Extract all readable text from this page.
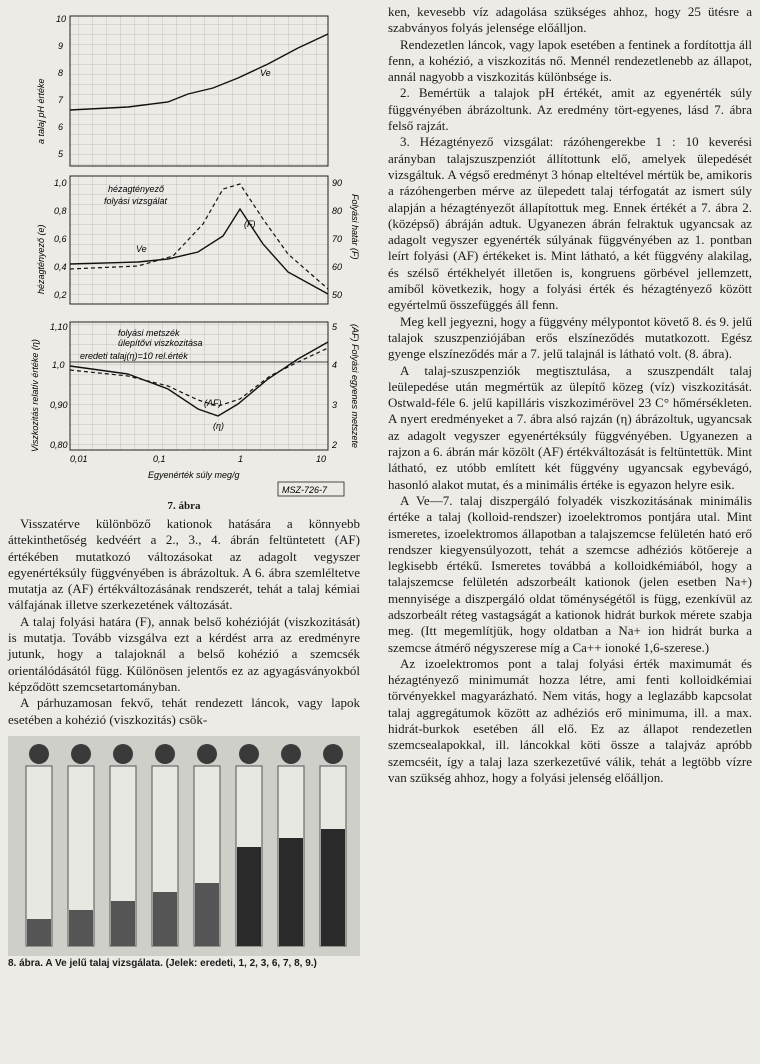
Ve
10
9
8
7
6
5
a talaj pH értéke
hézagtényező
folyási vizsgálat
(F)
Ve
1,0
0,8
0,6
0,4
0,2
90
80
70
60
50
hézagtényező (e)	Folyási határ (F)
folyási metszék
ülepítővi viszkozitása
eredeti talaj(η)=10 rel.érték
(η)
(AF)
1,10
1,0
0,90
0,80
5
4
3
2
Viszkozitás relatív értéke (η)	(AF) Folyási egyenes metszete
0,01	0,1	1	10
Egyenérték súly meg/g
MSZ-726-7
7. ábra

Visszatérve különböző kationok hatására a könnyebb áttekinthetőség kedvéért a 2., 3., 4. ábrán feltüntetett (AF) értékében mutatkozó változásokat az adagolt vegyszer egyenértéksúly függvényében is ábrázoltuk. A 6. ábra szemléltetve mutatja az (AF) értékváltozásának rendszerét, tehát a talaj kémiai válfajának illetve szerkezetének változását.

A talaj folyási határa (F), annak belső kohézióját (viszkozitását) is mutatja. Tovább vizsgálva ezt a kérdést arra az eredményre jutunk, hogy a talajoknál a belső kohézió a szemcsék orientálódásától függ. Különösen jelentős ez az agyagásványokból képződött szemcsetartományban.

A párhuzamosan fekvő, tehát rendezett láncok, vagy lapok esetében a kohézió (viszkozitás) csök-

8. ábra. A Ve jelű talaj vizsgálata. (Jelek: eredeti, 1, 2, 3, 6, 7, 8, 9.)

ken, kevesebb víz adagolása szükséges ahhoz, hogy 25 ütésre a szabványos folyás jelensége előálljon.

Rendezetlen láncok, vagy lapok esetében a fentinek a fordítottja áll fenn, a kohézió, a viszkozitás nő. Mennél rendezetlenebb az állapot, annál nagyobb a viszkozitás különbsége is.

2. Bemértük a talajok pH értékét, amit az egyenérték súly függvényében ábrázoltunk. Az eredmény tört-egyenes, lásd 7. ábra felső rajzát.

3. Hézagtényező vizsgálat: rázóhengerekbe 1 : 10 keverési arányban talajszuszpenziót állítottunk elő, amelyek ülepedését vizsgáltuk. A végső eredményt 3 hónap elteltével mértük be, amikoris a rázóhengerben mérve az ülepedett talaj térfogatát az ismert súly alapján a hézagtényezőt állapítottuk meg. Ennek értékét a 7. ábra 2. (középső) ábráján adtuk. Ugyanezen ábrán felraktuk ugyancsak az adagolt vegyszer egyenérték súlyának függvényében az 1. pontban leírt folyási (AF) értékeket is. Mint látható, a két függvény alakilag, és szélső értékhelyét illetően is, kongruens görbével jellemzett, amiből következik, hogy a folyási érték és hézagtényező között egyértelmű összefüggés áll fenn.

Meg kell jegyezni, hogy a függvény mélypontot követő 8. és 9. jelű talajok szuszpenziójában erős elszíneződés mutatkozott. Egész gyenge elszíneződés már a 7. jelű talajnál is látható volt. (8. ábra).

A talaj-szuszpenziók megtisztulása, a szuszpendált talaj leülepedése után megmértük az ülepítő közeg (víz) viszkozitását. Ostwald-féle 6. jelű kapilláris viszkozimérövel 23 C° hőmérsékleten. A nyert eredményeket a 7. ábra alsó rajzán (η) ábrázoltuk, ugyancsak az adagolt vegyszer egyenértéksúly függvényében. Ugyanezen a rajzon a 6. ábrán már közölt (AF) értékváltozását is feltüntettük. Mint látható, ez utóbb említett két függvény ugyancsak egybevágó, hasonló alakot mutat, és a minimális értéke is egyazon helyre esik.

A Ve—7. talaj diszpergáló folyadék viszkozitásának minimális értéke a talaj (kolloid-rendszer) izoelektromos pontjára utal. Mint ismeretes, izoelektromos állapotban a talajszemcse felületén ható erő rendszer kiegyensúlyozott, tehát a szemcse adhéziós kötőereje a legkisebb értékű. Ismeretes továbbá a kolloidkémiából, hogy a talajszemcse felületén adszorbeált kationok (jelen esetben Na+) mennyisége a diszpergáló oldat töménységétől is függ, ezenkívül az adszorbeált réteg vastagságát a kationok hidrát burkok mérete szabja meg. (Itt megemlítjük, hogy oldatban a Na+ ion hidrát burka a szemcse átmérő négyszerese míg a Ca++ ionoké 1,6-szerese.)

Az izoelektromos pont a talaj folyási érték maximumát és hézagtényező minimumát hozza létre, ami fenti kolloidkémiai törvényekkel magyarázható. Nem vitás, hogy a leglazább kapcsolat talaj aggregátumok között az adhéziós erő minimuma, ill. a max. hidrát-burkok esetében áll elő. Ez az állapot rendezetlen szemcsealapokkal, ill. láncokkal köti össze a talajváz apróbb szemcséit, így a talaj laza szerkezetűvé válik, tehát a legtöbb vízre van szükség ahhoz, hogy a folyási jelenség előálljon.
